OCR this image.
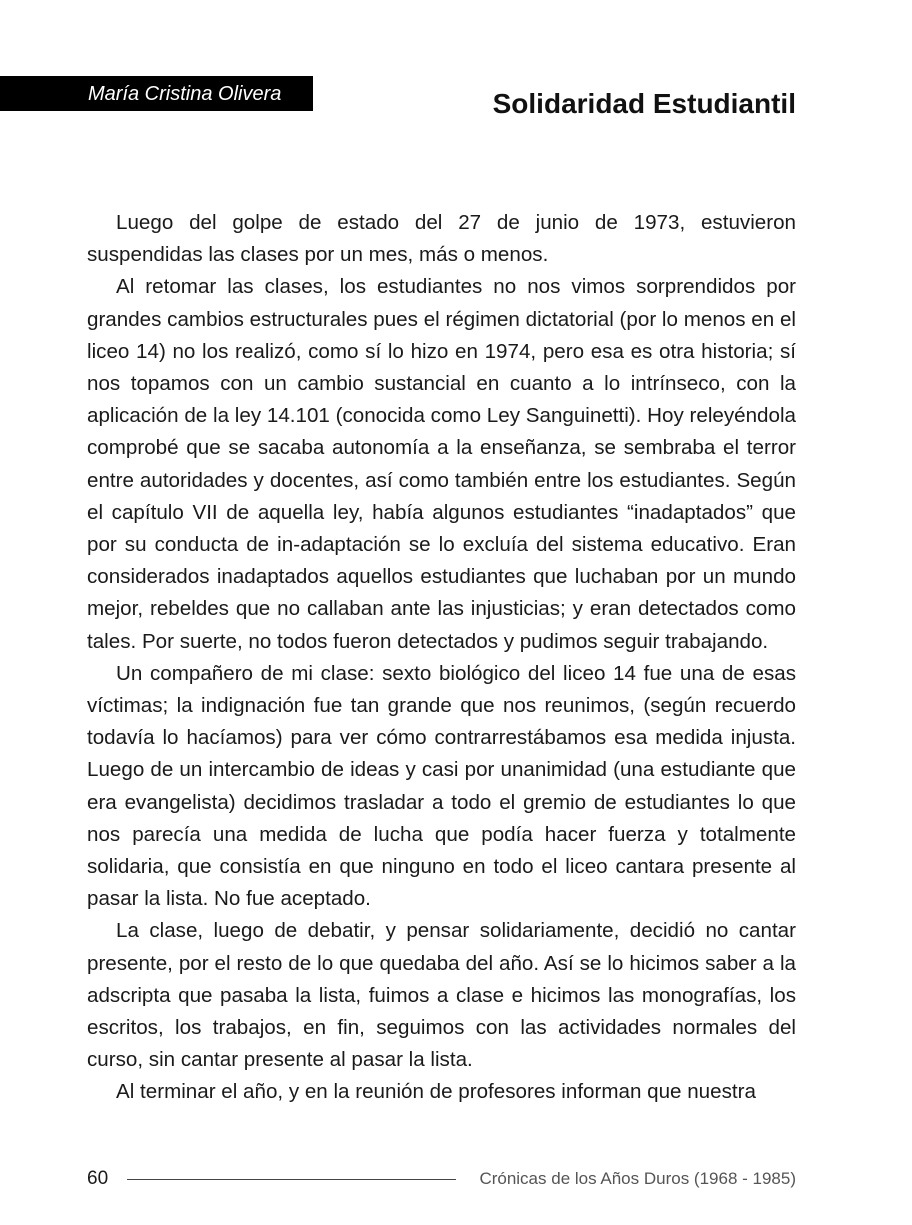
María Cristina Olivera	Solidaridad Estudiantil

Luego del golpe de estado del 27 de junio de 1973, estuvieron suspendidas las clases por un mes, más o menos.

Al retomar las clases, los estudiantes no nos vimos sorprendidos por grandes cambios estructurales pues el régimen dictatorial (por lo menos en el liceo 14) no los realizó, como sí lo hizo en 1974, pero esa es otra historia; sí nos topamos con un cambio sustancial en cuanto a lo intrínseco, con la aplicación de la ley 14.101 (conocida como Ley Sanguinetti). Hoy releyéndola comprobé que se sacaba autonomía a la enseñanza, se sembraba el terror entre autoridades y docentes, así como también entre los estudiantes. Según el capítulo VII de aquella ley, había algunos estudiantes “inadaptados” que por su conducta de in-adaptación se lo excluía del sistema educativo. Eran considerados inadaptados aquellos estudiantes que luchaban por un mundo mejor, rebeldes que no callaban ante las injusticias; y eran detectados como tales. Por suerte, no todos fueron detectados y pudimos seguir trabajando.

Un compañero de mi clase: sexto biológico del liceo 14 fue una de esas víctimas; la indignación fue tan grande que nos reunimos, (según recuerdo todavía lo hacíamos) para ver cómo contrarrestábamos esa medida injusta. Luego de un intercambio de ideas y casi por unanimidad (una estudiante que era evangelista) decidimos trasladar a todo el gremio de estudiantes lo que nos parecía una medida de lucha que podía hacer fuerza y totalmente solidaria, que consistía en que ninguno en todo el liceo cantara presente al pasar la lista. No fue aceptado.

La clase, luego de debatir, y pensar solidariamente, decidió no cantar presente, por el resto de lo que quedaba del año. Así se lo hicimos saber a la adscripta que pasaba la lista, fuimos a clase e hicimos las monografías, los escritos, los trabajos, en fin, seguimos con las actividades normales del curso, sin cantar presente al pasar la lista.

Al terminar el año, y en la reunión de profesores informan que nuestra

60	Crónicas de los Años Duros (1968 - 1985)
